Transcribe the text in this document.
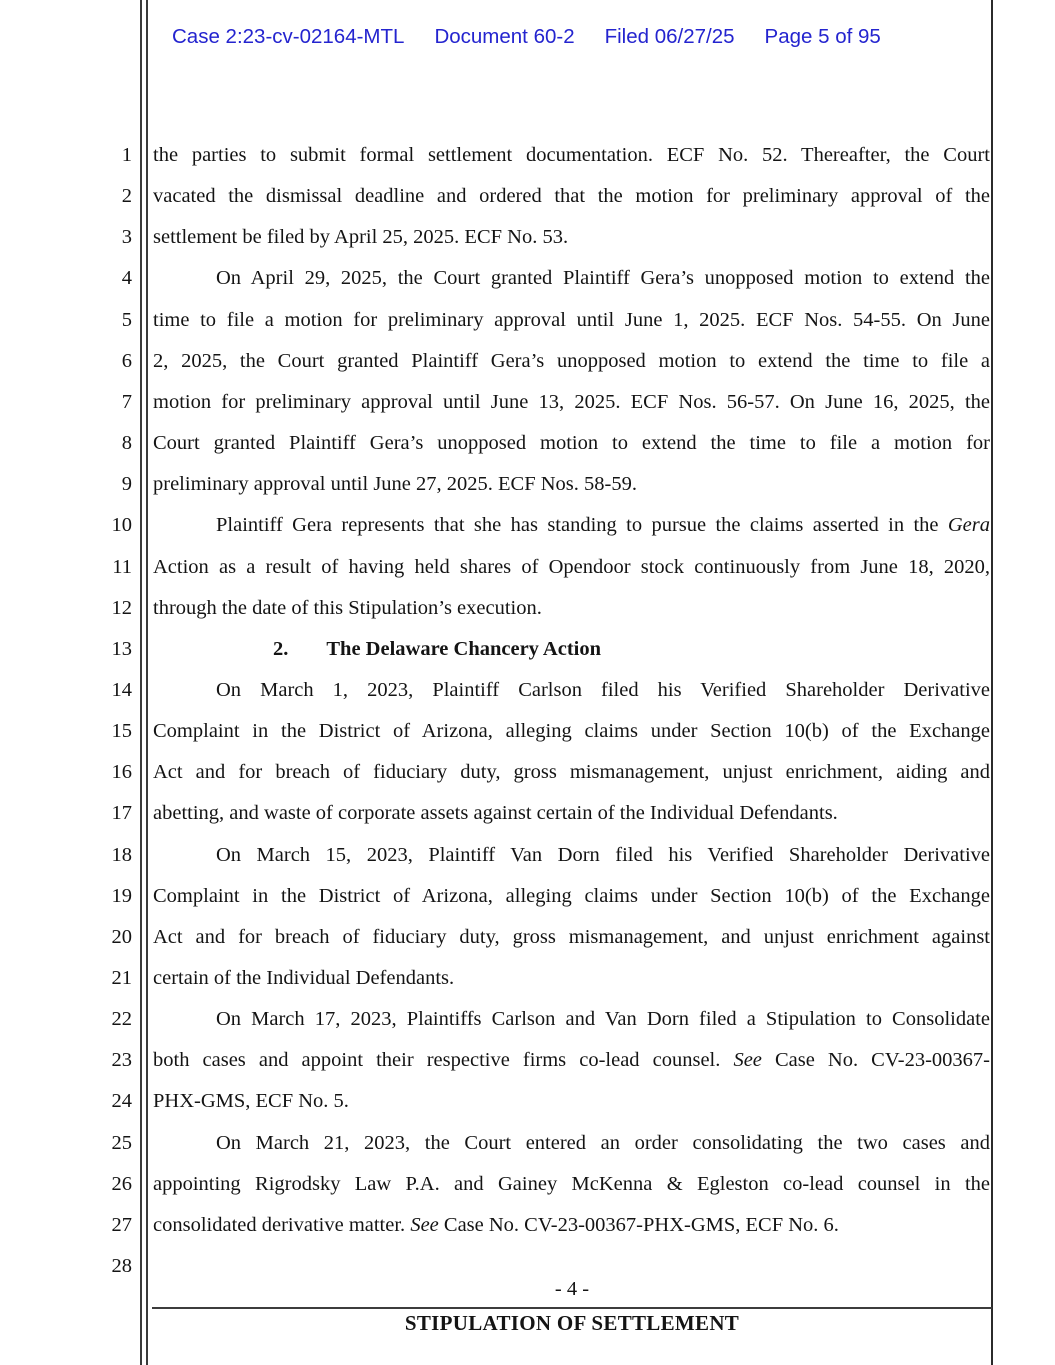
Case 2:23-cv-02164-MTL Document 60-2 Filed 06/27/25 Page 5 of 95
1
2
3
4
5
6
7
8
9
10
11
12
13
14
15
16
17
18
19
20
21
22
23
24
25
26
27
28
the parties to submit formal settlement documentation. ECF No. 52. Thereafter, the Court
vacated the dismissal deadline and ordered that the motion for preliminary approval of the
settlement be filed by April 25, 2025. ECF No. 53.
On April 29, 2025, the Court granted Plaintiff Gera’s unopposed motion to extend the
time to file a motion for preliminary approval until June 1, 2025. ECF Nos. 54-55. On June
2, 2025, the Court granted Plaintiff Gera’s unopposed motion to extend the time to file a
motion for preliminary approval until June 13, 2025. ECF Nos. 56-57. On June 16, 2025, the
Court granted Plaintiff Gera’s unopposed motion to extend the time to file a motion for
preliminary approval until June 27, 2025. ECF Nos. 58-59.
Plaintiff Gera represents that she has standing to pursue the claims asserted in the Gera
Action as a result of having held shares of Opendoor stock continuously from June 18, 2020,
through the date of this Stipulation’s execution.
2. The Delaware Chancery Action
On March 1, 2023, Plaintiff Carlson filed his Verified Shareholder Derivative
Complaint in the District of Arizona, alleging claims under Section 10(b) of the Exchange
Act and for breach of fiduciary duty, gross mismanagement, unjust enrichment, aiding and
abetting, and waste of corporate assets against certain of the Individual Defendants.
On March 15, 2023, Plaintiff Van Dorn filed his Verified Shareholder Derivative
Complaint in the District of Arizona, alleging claims under Section 10(b) of the Exchange
Act and for breach of fiduciary duty, gross mismanagement, and unjust enrichment against
certain of the Individual Defendants.
On March 17, 2023, Plaintiffs Carlson and Van Dorn filed a Stipulation to Consolidate
both cases and appoint their respective firms co-lead counsel. See Case No. CV-23-00367-
PHX-GMS, ECF No. 5.
On March 21, 2023, the Court entered an order consolidating the two cases and
appointing Rigrodsky Law P.A. and Gainey McKenna & Egleston co-lead counsel in the
consolidated derivative matter. See Case No. CV-23-00367-PHX-GMS, ECF No. 6.
- 4 -
STIPULATION OF SETTLEMENT
